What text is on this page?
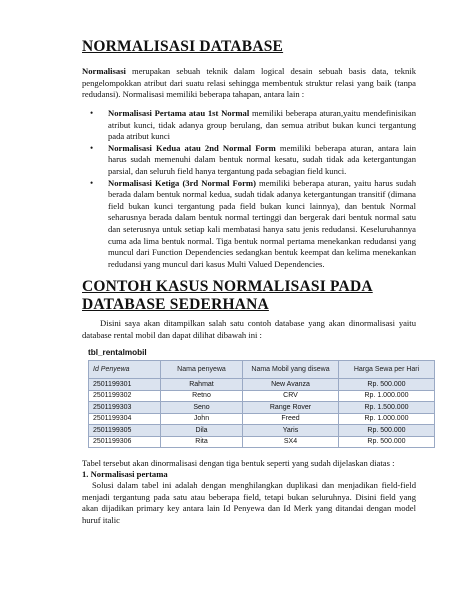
NORMALISASI DATABASE

Normalisasi merupakan sebuah teknik dalam logical desain sebuah basis data, teknik pengelompokkan atribut dari suatu relasi sehingga membentuk struktur relasi yang baik (tanpa redudansi). Normalisasi memiliki beberapa tahapan, antara lain :

• Normalisasi Pertama atau 1st Normal memiliki beberapa aturan,yaitu mendefinisikan atribut kunci, tidak adanya group berulang, dan semua atribut bukan kunci tergantung pada atribut kunci
• Normalisasi Kedua atau 2nd Normal Form memiliki beberapa aturan, antara lain harus sudah memenuhi dalam bentuk normal kesatu, sudah tidak ada ketergantungan parsial, dan seluruh field hanya tergantung pada sebagian field kunci.
• Normalisasi Ketiga (3rd Normal Form) memiliki beberapa aturan, yaitu harus sudah berada dalam bentuk normal kedua, sudah tidak adanya ketergantungan transitif (dimana field bukan kunci tergantung pada field bukan kunci lainnya), dan bentuk Normal seharusnya berada dalam bentuk normal tertinggi dan bergerak dari bentuk normal satu dan seterusnya untuk setiap kali membatasi hanya satu jenis redudansi. Keseluruhannya cuma ada lima bentuk normal. Tiga bentuk normal pertama menekankan redudansi yang muncul dari Function Dependencies sedangkan bentuk keempat dan kelima menekankan redudansi yang muncul dari kasus Multi Valued Dependencies.
CONTOH KASUS NORMALISASI PADA DATABASE SEDERHANA

Disini saya akan ditampilkan salah satu contoh database yang akan dinormalisasi yaitu database rental mobil dan dapat dilihat dibawah ini :

tbl_rentalmobil
Id Penyewa	Nama penyewa	Nama Mobil yang disewa	Harga Sewa per Hari
2501199301	Rahmat	New Avanza	Rp. 500.000
2501199302	Retno	CRV	Rp. 1.000.000
2501199303	Seno	Range Rover	Rp. 1.500.000
2501199304	John	Freed	Rp. 1.000.000
2501199305	Dila	Yaris	Rp. 500.000
2501199306	Rita	SX4	Rp. 500.000

Tabel tersebut akan dinormalisasi dengan tiga bentuk seperti yang sudah dijelaskan diatas :

1. Normalisasi pertama

Solusi dalam tabel ini adalah dengan menghilangkan duplikasi dan menjadikan field-field menjadi tergantung pada satu atau beberapa field, tetapi bukan seluruhnya. Disini field yang akan dijadikan primary key antara lain Id Penyewa dan Id Merk yang ditandai dengan model huruf italic
